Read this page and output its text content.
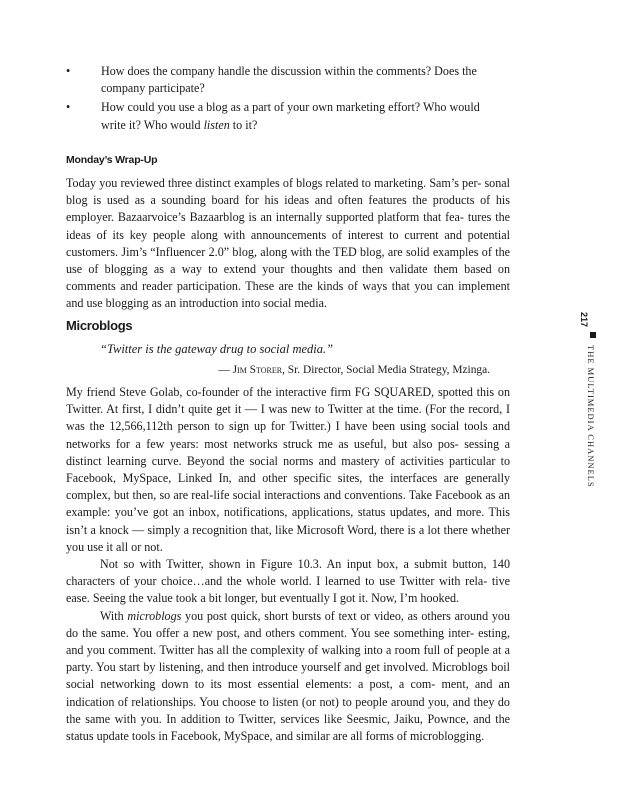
•	How does the company handle the discussion within the comments? Does the
company participate?
•	How could you use a blog as a part of your own marketing effort? Who would
write it? Who would listen to it?
Monday’s Wrap-Up

Today you reviewed three distinct examples of blogs related to marketing. Sam’s per- sonal blog is used as a sounding board for his ideas and often features the products of his employer. Bazaarvoice’s Bazaarblog is an internally supported platform that fea- tures the ideas of its key people along with announcements of interest to current and potential customers. Jim’s “Influencer 2.0” blog, along with the TED blog, are solid examples of the use of blogging as a way to extend your thoughts and then validate them based on comments and reader participation. These are the kinds of ways that you can implement and use blogging as an introduction into social media.

Microblogs
“Twitter is the gateway drug to social media.”
— Jim Storer, Sr. Director, Social Media Strategy, Mzinga.

My friend Steve Golab, co-founder of the interactive firm FG SQUARED, spotted this on Twitter. At first, I didn’t quite get it — I was new to Twitter at the time. (For the record, I was the 12,566,112th person to sign up for Twitter.) I have been using social tools and networks for a few years: most networks struck me as useful, but also pos- sessing a distinct learning curve. Beyond the social norms and mastery of activities particular to Facebook, MySpace, Linked In, and other specific sites, the interfaces are generally complex, but then, so are real-life social interactions and conventions. Take Facebook as an example: you’ve got an inbox, notifications, applications, status updates, and more. This isn’t a knock — simply a recognition that, like Microsoft Word, there is a lot there whether you use it all or not.
Not so with Twitter, shown in Figure 10.3. An input box, a submit button, 140 characters of your choice…and the whole world. I learned to use Twitter with rela- tive ease. Seeing the value took a bit longer, but eventually I got it. Now, I’m hooked.
With microblogs you post quick, short bursts of text or video, as others around you do the same. You offer a new post, and others comment. You see something inter- esting, and you comment. Twitter has all the complexity of walking into a room full of people at a party. You start by listening, and then introduce yourself and get involved. Microblogs boil social networking down to its most essential elements: a post, a com- ment, and an indication of relationships. You choose to listen (or not) to people around you, and they do the same with you. In addition to Twitter, services like Seesmic, Jaiku, Pownce, and the status update tools in Facebook, MySpace, and similar are all forms of microblogging.

217
THE MULTIMEDIA CHANNELS
